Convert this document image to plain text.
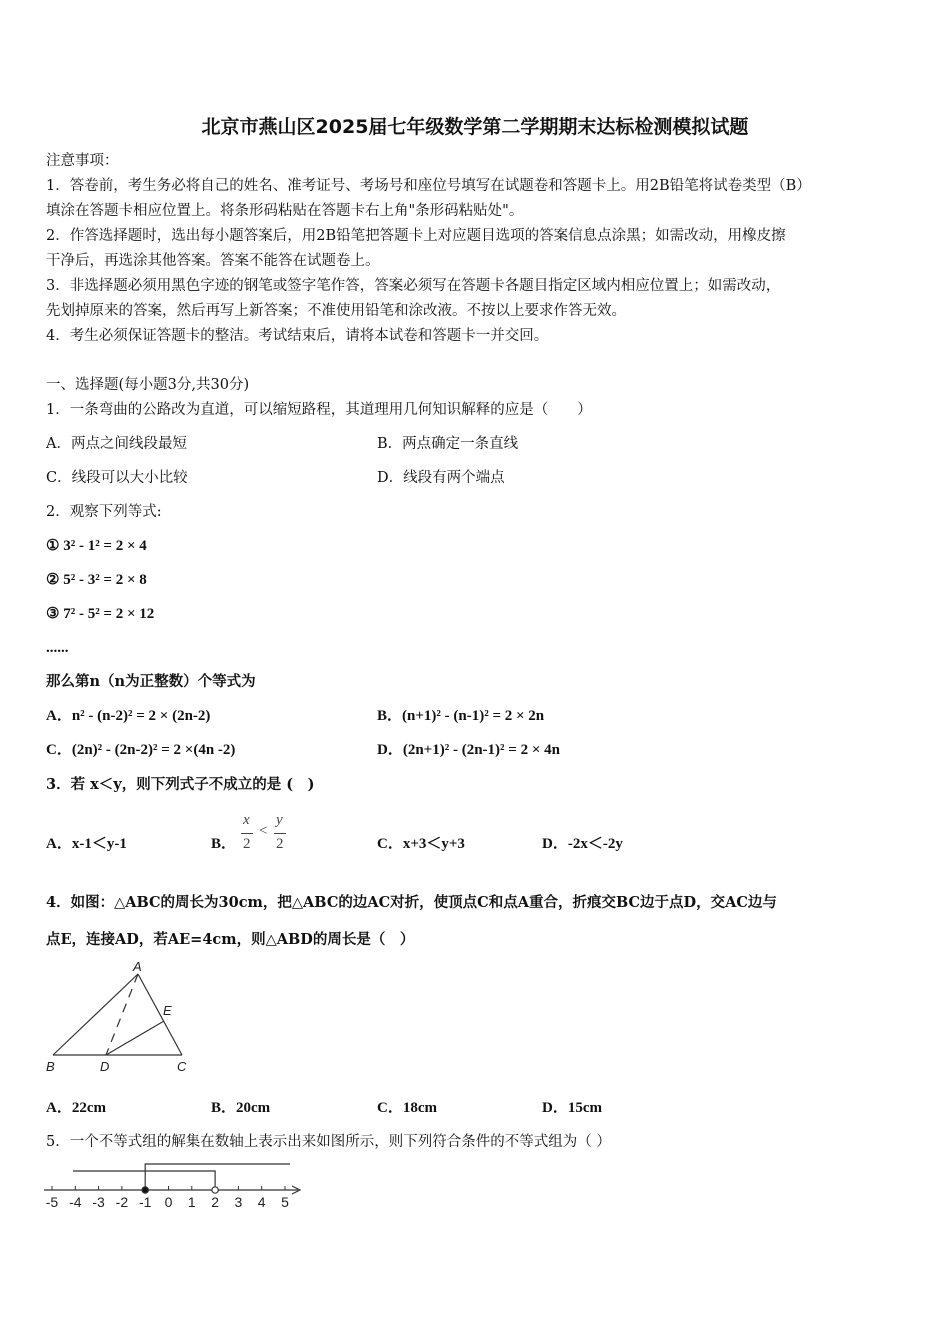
北京市燕山区2025届七年级数学第二学期期末达标检测模拟试题
注意事项：
1．答卷前，考生务必将自己的姓名、准考证号、考场号和座位号填写在试题卷和答题卡上。用2B铅笔将试卷类型（B）
填涂在答题卡相应位置上。将条形码粘贴在答题卡右上角"条形码粘贴处"。
2．作答选择题时，选出每小题答案后，用2B铅笔把答题卡上对应题目选项的答案信息点涂黑；如需改动，用橡皮擦
干净后，再选涂其他答案。答案不能答在试题卷上。
3．非选择题必须用黑色字迹的钢笔或签字笔作答，答案必须写在答题卡各题目指定区域内相应位置上；如需改动，
先划掉原来的答案，然后再写上新答案；不准使用铅笔和涂改液。不按以上要求作答无效。
4．考生必须保证答题卡的整洁。考试结束后，请将本试卷和答题卡一并交回。
一、选择题(每小题3分,共30分)
1．一条弯曲的公路改为直道，可以缩短路程，其道理用几何知识解释的应是（　　）
A．两点之间线段最短	B．两点确定一条直线
C．线段可以大小比较	D．线段有两个端点
2．观察下列等式:
① 3² - 1² = 2 × 4
② 5² - 3² = 2 × 8
③ 7² - 5² = 2 × 12
......
那么第n（n为正整数）个等式为
A．n² - (n-2)² = 2 × (2n-2)	B．(n+1)² - (n-1)² = 2 × 2n
C．(2n)² - (2n-2)² = 2 ×(4n -2)	D．(2n+1)² - (2n-1)² = 2 × 4n
3．若 x＜y，则下列式子不成立的是 (　)
A．x-1＜y-1	B．
x
2
<
y
2	C．x+3＜y+3	D．-2x＜-2y
4．如图：△ABC的周长为30cm，把△ABC的边AC对折，使顶点C和点A重合，折痕交BC边于点D，交AC边与
点E，连接AD，若AE=4cm，则△ABD的周长是（　）
A
E
B	D	C
A．22cm	B．20cm	C．18cm	D．15cm
5．一个不等式组的解集在数轴上表示出来如图所示，则下列符合条件的不等式组为（ ）
-5 -4 -3 -2 -1 0 1 2 3 4 5
